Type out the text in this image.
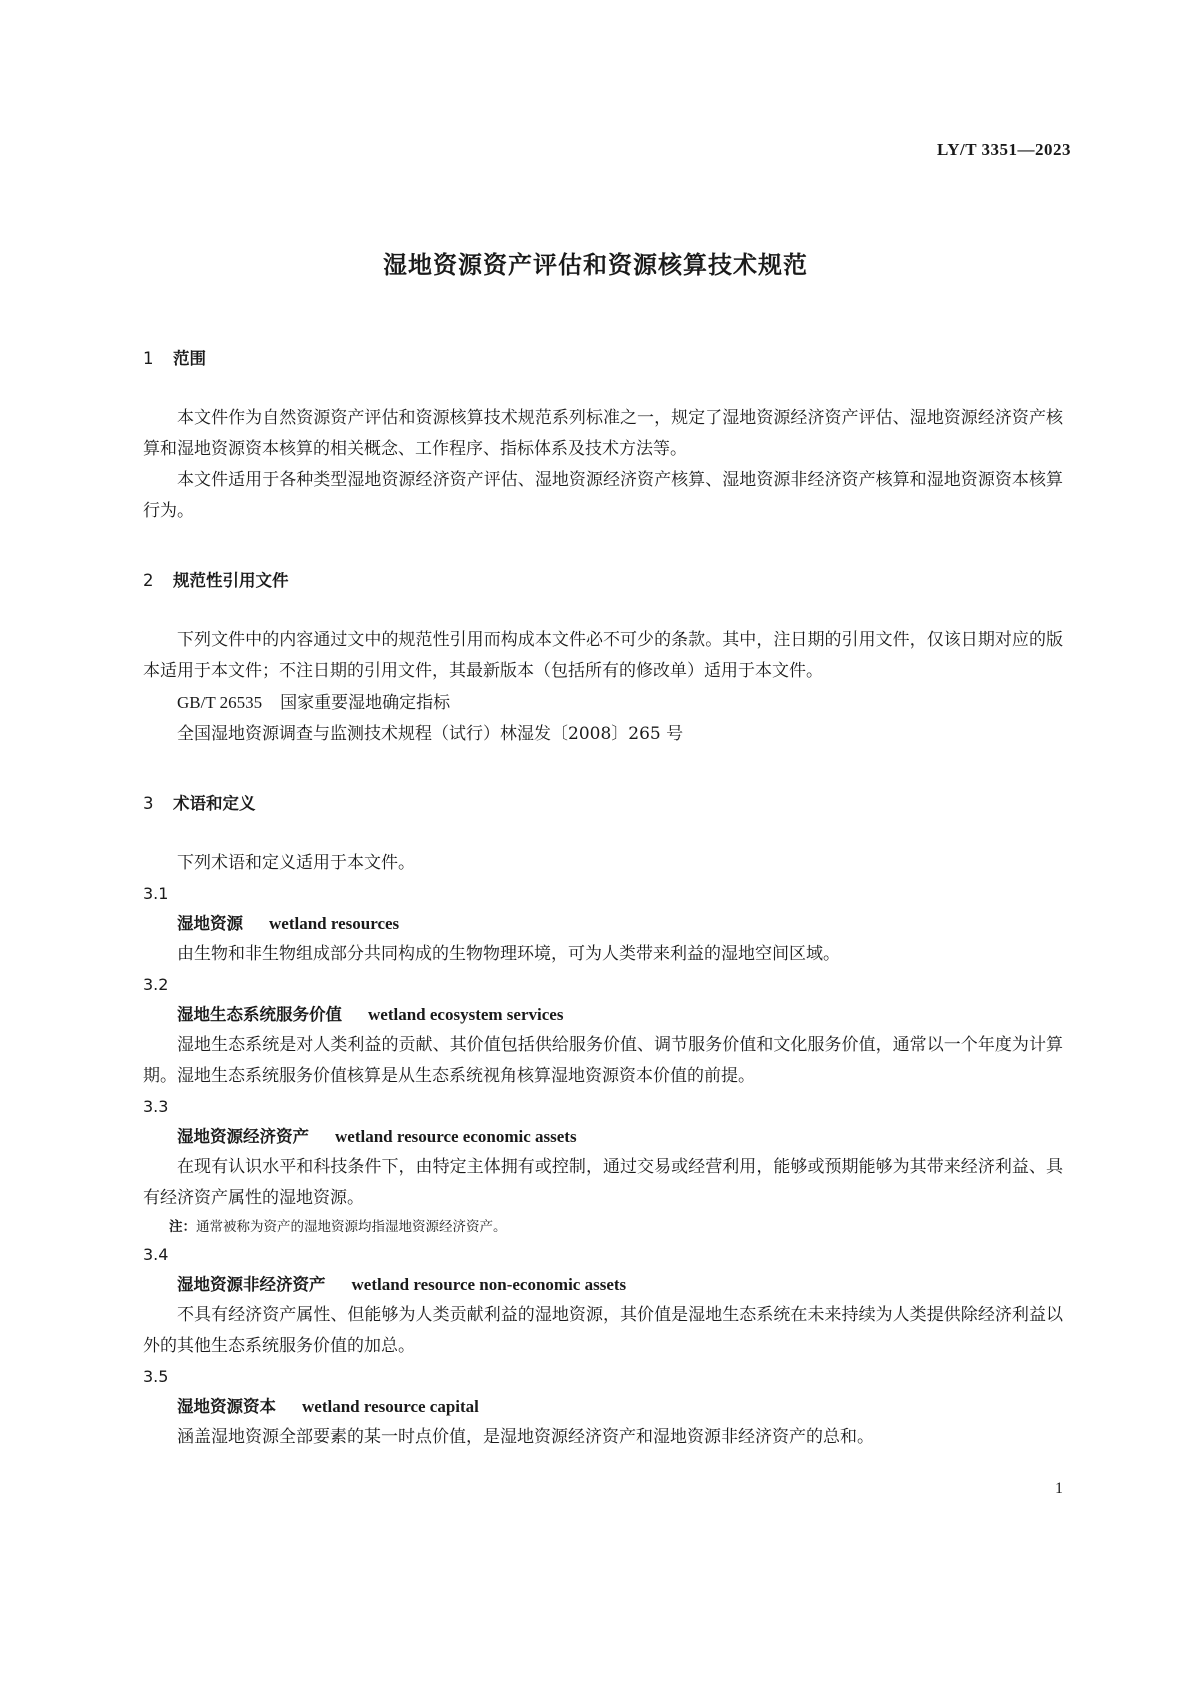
LY/T 3351—2023
湿地资源资产评估和资源核算技术规范
1	范围

本文件作为自然资源资产评估和资源核算技术规范系列标准之一，规定了湿地资源经济资产评估、湿地资源经济资产核算和湿地资源资本核算的相关概念、工作程序、指标体系及技术方法等。

本文件适用于各种类型湿地资源经济资产评估、湿地资源经济资产核算、湿地资源非经济资产核算和湿地资源资本核算行为。

2	规范性引用文件

下列文件中的内容通过文中的规范性引用而构成本文件必不可少的条款。其中，注日期的引用文件，仅该日期对应的版本适用于本文件；不注日期的引用文件，其最新版本（包括所有的修改单）适用于本文件。

GB/T 26535 国家重要湿地确定指标
全国湿地资源调查与监测技术规程（试行）林湿发〔2008〕265 号
3	术语和定义

下列术语和定义适用于本文件。

3.1
湿地资源 wetland resources

由生物和非生物组成部分共同构成的生物物理环境，可为人类带来利益的湿地空间区域。

3.2
湿地生态系统服务价值 wetland ecosystem services

湿地生态系统是对人类利益的贡献、其价值包括供给服务价值、调节服务价值和文化服务价值，通常以一个年度为计算期。湿地生态系统服务价值核算是从生态系统视角核算湿地资源资本价值的前提。

3.3
湿地资源经济资产 wetland resource economic assets

在现有认识水平和科技条件下，由特定主体拥有或控制，通过交易或经营利用，能够或预期能够为其带来经济利益、具有经济资产属性的湿地资源。

注：通常被称为资产的湿地资源均指湿地资源经济资产。
3.4
湿地资源非经济资产 wetland resource non-economic assets

不具有经济资产属性、但能够为人类贡献利益的湿地资源，其价值是湿地生态系统在未来持续为人类提供除经济利益以外的其他生态系统服务价值的加总。

3.5
湿地资源资本 wetland resource capital

涵盖湿地资源全部要素的某一时点价值，是湿地资源经济资产和湿地资源非经济资产的总和。

1
